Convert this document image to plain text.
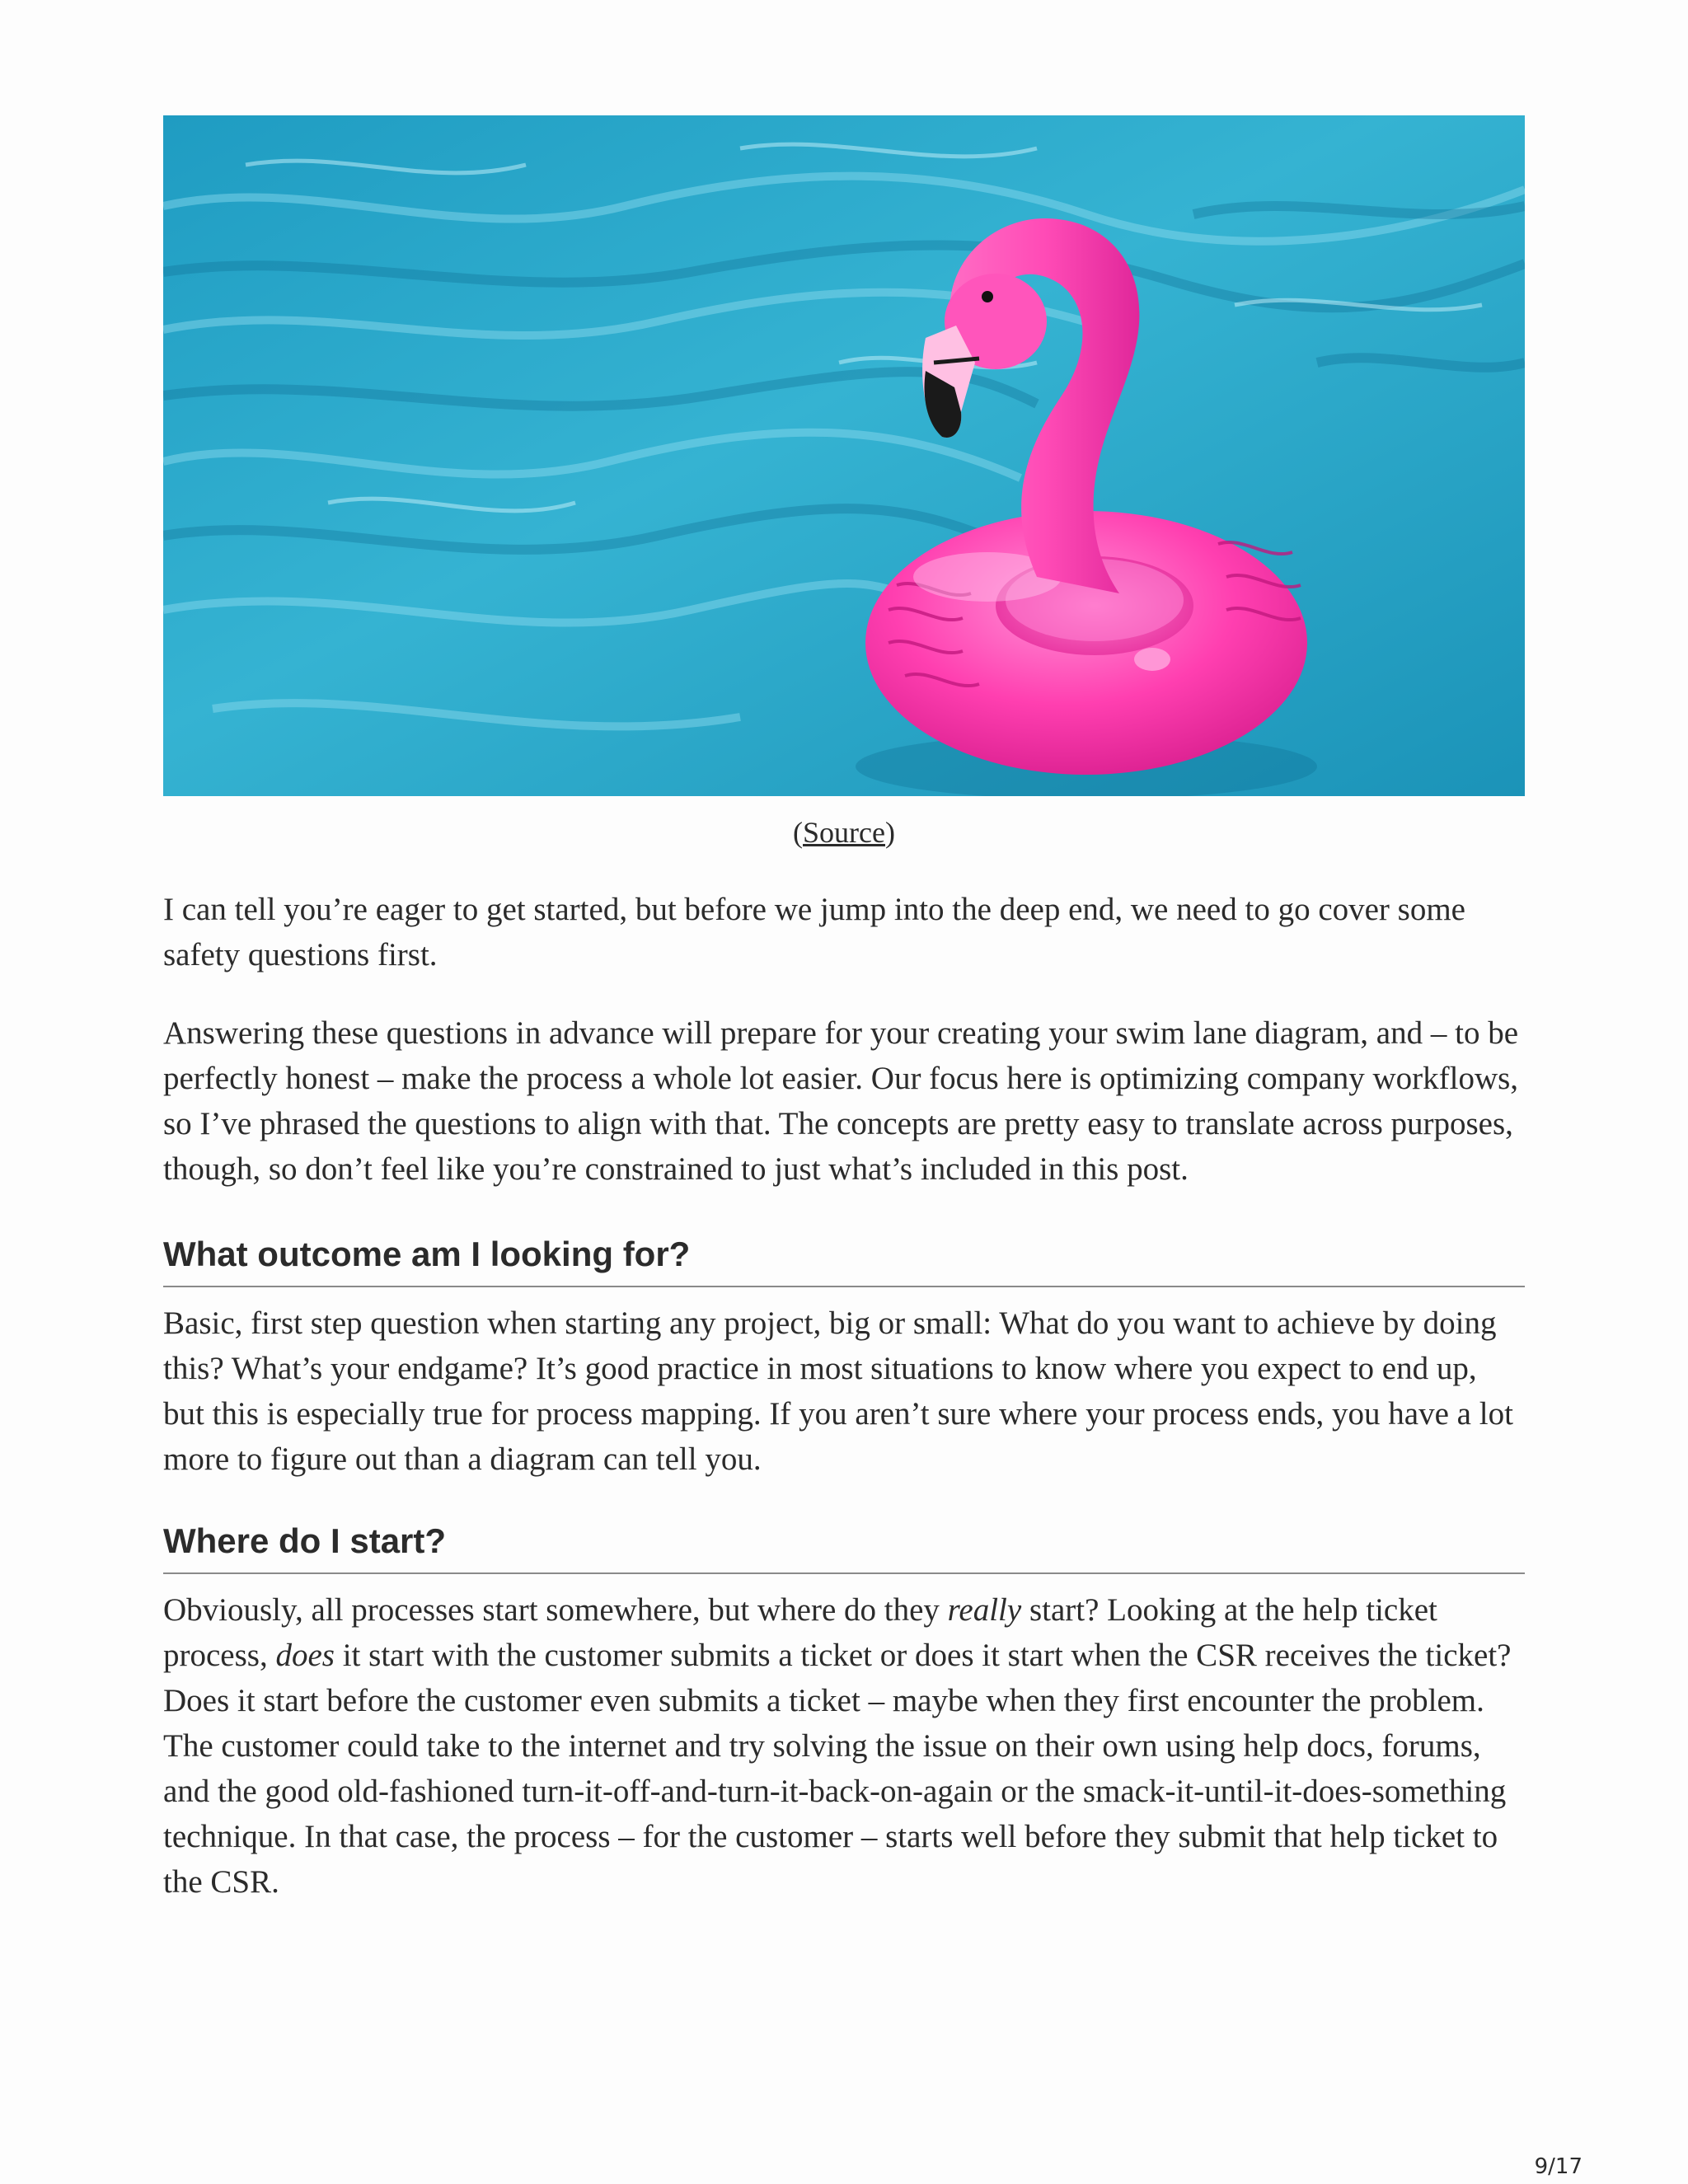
(Source)

I can tell you’re eager to get started, but before we jump into the deep end, we need to go cover some safety questions first.

Answering these questions in advance will prepare for your creating your swim lane diagram, and – to be perfectly honest – make the process a whole lot easier. Our focus here is optimizing company workflows, so I’ve phrased the questions to align with that. The concepts are pretty easy to translate across purposes, though, so don’t feel like you’re constrained to just what’s included in this post.

What outcome am I looking for?

Basic, first step question when starting any project, big or small: What do you want to achieve by doing this? What’s your endgame? It’s good practice in most situations to know where you expect to end up, but this is especially true for process mapping. If you aren’t sure where your process ends, you have a lot more to figure out than a diagram can tell you.

Where do I start?

Obviously, all processes start somewhere, but where do they really start? Looking at the help ticket process, does it start with the customer submits a ticket or does it start when the CSR receives the ticket? Does it start before the customer even submits a ticket – maybe when they first encounter the problem. The customer could take to the internet and try solving the issue on their own using help docs, forums, and the good old-fashioned turn-it-off-and-turn-it-back-on-again or the smack-it-until-it-does-something technique. In that case, the process – for the customer – starts well before they submit that help ticket to the CSR.

9/17
